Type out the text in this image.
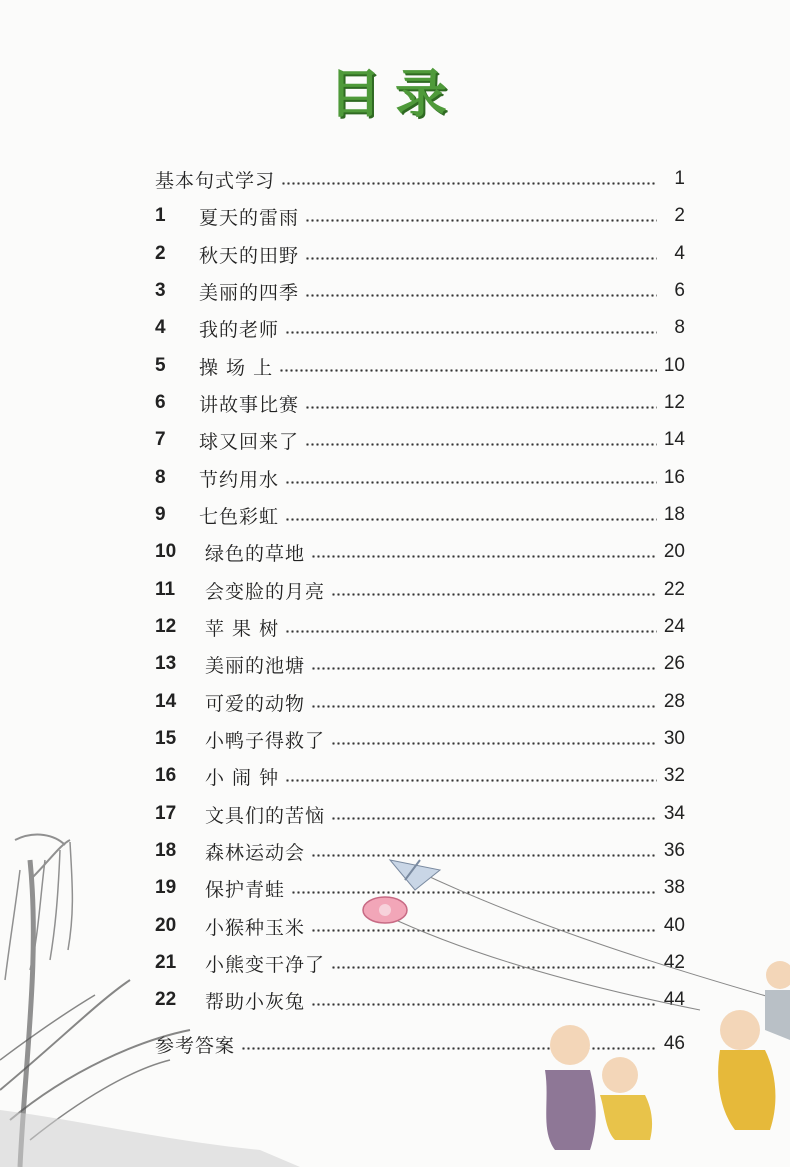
目录
基本句式学习	1
1	夏天的雷雨	2
2	秋天的田野	4
3	美丽的四季	6
4	我的老师	8
5	操 场 上	10
6	讲故事比赛	12
7	球又回来了	14
8	节约用水	16
9	七色彩虹	18
10	绿色的草地	20
11	会变脸的月亮	22
12	苹 果 树	24
13	美丽的池塘	26
14	可爱的动物	28
15	小鸭子得救了	30
16	小 闹 钟	32
17	文具们的苦恼	34
18	森林运动会	36
19	保护青蛙	38
20	小猴种玉米	40
21	小熊变干净了	42
22	帮助小灰兔	44
参考答案	46
